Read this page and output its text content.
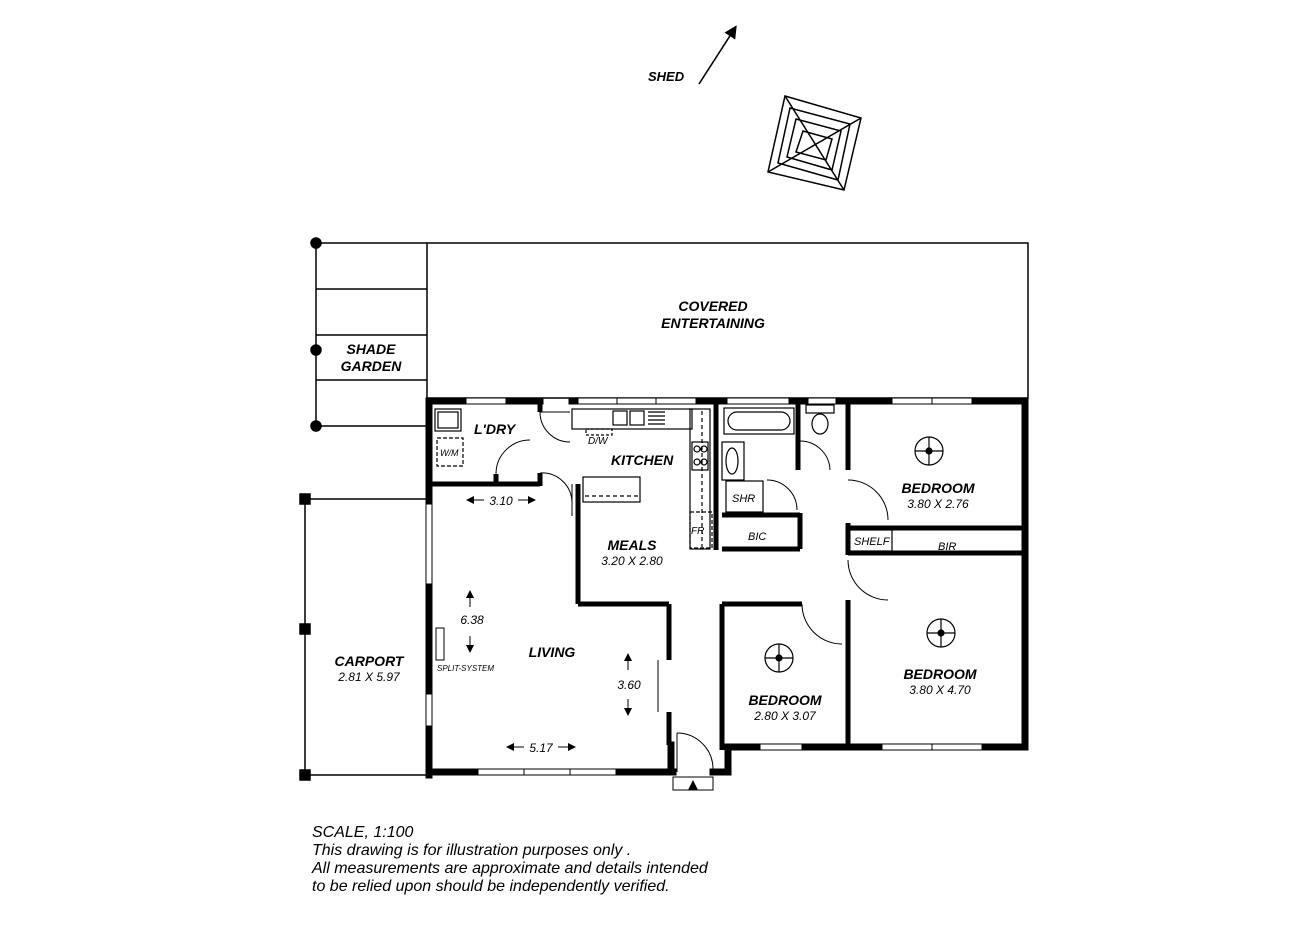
SHED
COVERED
ENTERTAINING
SHADE
GARDEN
CARPORT
2.81 X 5.97
L'DRY
W/M
D/W
KITCHEN
FR
SHR
BIC	SHELF	BIR
SPLIT-SYSTEM
MEALS
3.20 X 2.80
LIVING
BEDROOM
3.80 X 2.76
BEDROOM
3.80 X 4.70
BEDROOM
2.80 X 3.07
3.10
6.38
3.60
5.17
SCALE, 1:100
This drawing is for illustration purposes only .
All measurements are approximate and details intended
to be relied upon should be independently verified.
